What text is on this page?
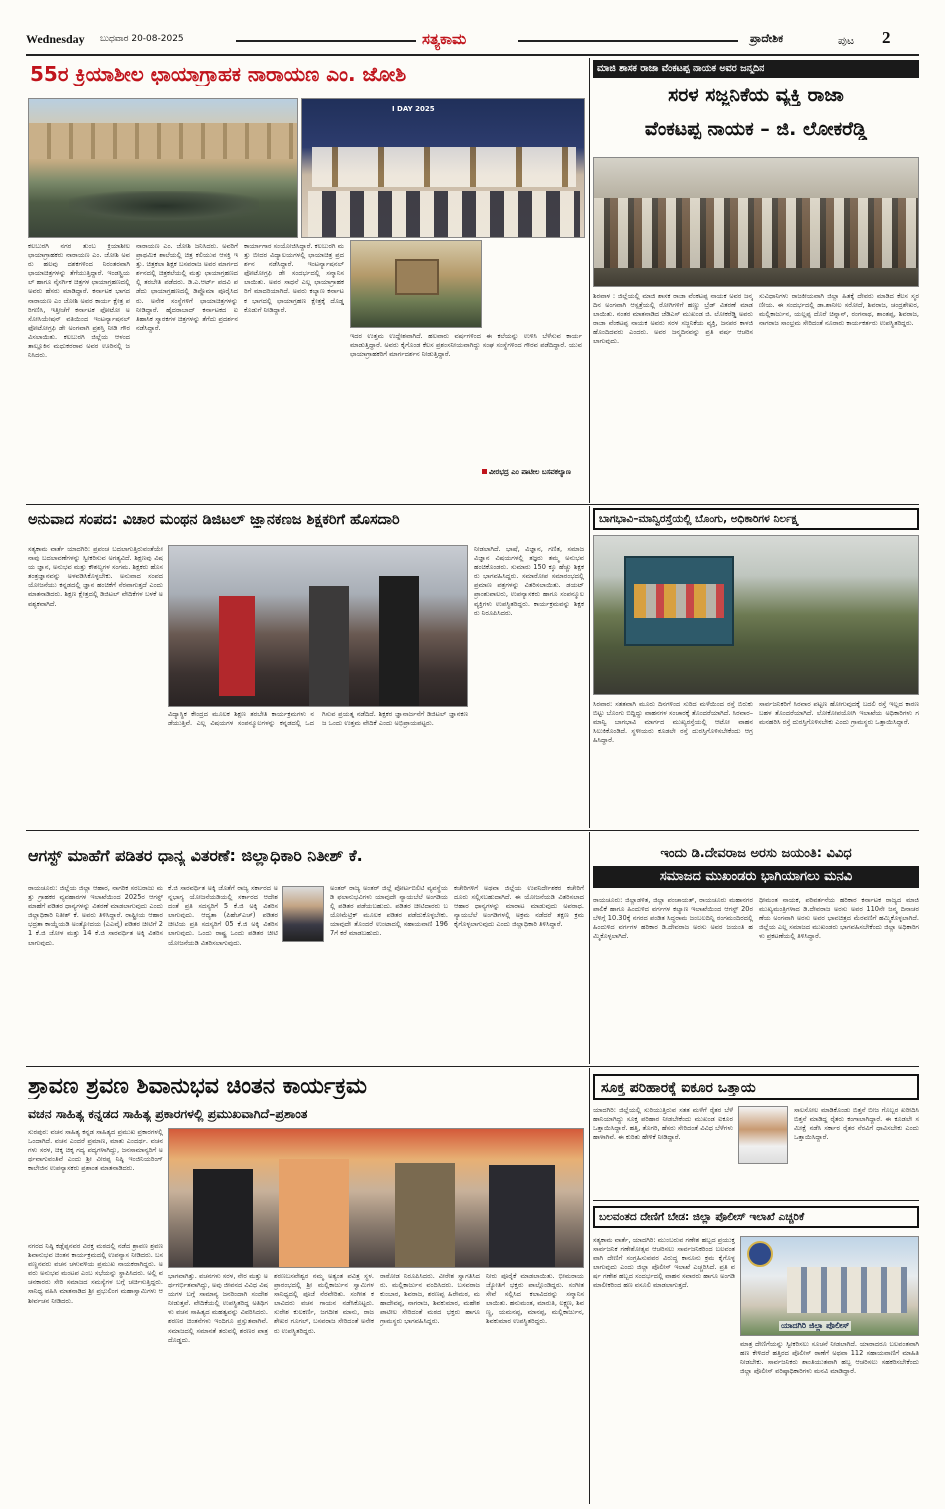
Wednesday ಬುಧವಾರ 20-08-2025	ಸತ್ಯಕಾಮ	ಪ್ರಾದೇಶಿಕ	ಪುಟ 2
55ರ ಕ್ರಿಯಾಶೀಲ ಛಾಯಾಗ್ರಾಹಕ ನಾರಾಯಣ ಎಂ. ಜೋಶಿ
I DAY 2025
ಕಲಬುರಗಿ ನಗರ ತುಂಬ ಕ್ರಿಯಾಶೀಲ ಛಾಯಾಗ್ರಾಹಕರು ನಾರಾಯಣ ಎಂ. ಜೋಶಿ ಅವರು ಹಲವು ದಶಕಗಳಿಂದ ನಿರಂತರವಾಗಿ ಛಾಯಾಚಿತ್ರಗಳನ್ನು ತೆಗೆಯುತ್ತಿದ್ದಾರೆ. ಇಂಡಸ್ಟ್ರಿಯಲ್ ಹಾಗೂ ನೈಸರ್ಗಿಕ ಚಿತ್ರಗಳ ಛಾಯಾಗ್ರಹಣದಲ್ಲಿ ಅವರು ಹೆಸರು ಮಾಡಿದ್ದಾರೆ. ಕರ್ನಾಟಕ ಭಾಗದ ನಾರಾಯಣ ಎಂ ಜೋಶಿ ಅವರ ಕಾರ್ಯ ಕ್ಷೇತ್ರ ಪರಿಗಣಿಸಿ, ಇತ್ತೀಚೆಗೆ ಕರ್ನಾಟಕ ಫೋಟೋ ಅಸೋಸಿಯೇಷನ್ ವತಿಯಿಂದ ಇಂಟರ್ನ್ಯಾಷನಲ್ ಫೋಟೋಗ್ರಫಿ ಡೇ ಅಂಗವಾಗಿ ಪ್ರಶಸ್ತಿ ನೀಡಿ ಗೌರವಿಸಲಾಯಿತು. ಕಲಬುರಗಿ ಜಿಲ್ಲೆಯ ಆಳಂದ ತಾಲ್ಲೂಕಿನ ಮಧುಕರರಾವ ಅವರ ಊರಿನಲ್ಲಿ ಜನಿಸಿದರು.
ನಾರಾಯಣ ಎಂ. ಜೋಶಿ ಜನಿಸಿದರು. ಅವರಿಗೆ ಪ್ರಾಥಮಿಕ ಶಾಲೆಯಲ್ಲಿ ಚಿತ್ರ ಕಲಿಯುವ ಆಸಕ್ತಿ ಇತ್ತು. ಚಿತ್ರಕಲಾ ಶಿಕ್ಷಕ ಬಸವರಾಜ ಅವರ ಮಾರ್ಗದರ್ಶನದಲ್ಲಿ ಚಿತ್ರಕಲೆಯಲ್ಲಿ ಮತ್ತು ಛಾಯಾಗ್ರಹಣದಲ್ಲಿ ತರಬೇತಿ ಪಡೆದರು. ಡಿ.ಎ.ಆರ್ಟ್ ಪದವಿ ಪಡೆದು ಛಾಯಾಗ್ರಹಣದಲ್ಲಿ ಡಿಪ್ಲೊಮಾ ಪೂರೈಸಿದರು. ಅನೇಕ ಸಂಸ್ಥೆಗಳಿಗೆ ಛಾಯಾಚಿತ್ರಗಳನ್ನು ನೀಡಿದ್ದಾರೆ. ಹೈದರಾಬಾದ್ ಕರ್ನಾಟಕದ ಐತಿಹಾಸಿಕ ಸ್ಮಾರಕಗಳ ಚಿತ್ರಗಳನ್ನು ತೆಗೆದು ಪ್ರದರ್ಶನ ನಡೆಸಿದ್ದಾರೆ.
ಕಾರ್ಯಾಗಾರ ಸಂಯೋಜಿಸಿದ್ದಾರೆ. ಕಲಬುರಗಿ ಮತ್ತು ಬೀದರ ವಿದ್ಯಾಲಯಗಳಲ್ಲಿ ಛಾಯಾಚಿತ್ರ ಪ್ರದರ್ಶನ ನಡೆಸಿದ್ದಾರೆ. ಇಂಟರ್ನ್ಯಾಷನಲ್ ಫೋಟೋಗ್ರಫಿ ಡೇ ಸಂದರ್ಭದಲ್ಲಿ ಸನ್ಮಾನಿಸಲಾಯಿತು. ಅವರ ಸಾಧನೆ ಎಲ್ಲ ಛಾಯಾಗ್ರಾಹಕರಿಗೆ ಮಾದರಿಯಾಗಿದೆ. ಅವರು ಕಲ್ಯಾಣ ಕರ್ನಾಟಕ ಭಾಗದಲ್ಲಿ ಛಾಯಾಗ್ರಹಣ ಕ್ಷೇತ್ರಕ್ಕೆ ದೊಡ್ಡ ಕೊಡುಗೆ ನೀಡಿದ್ದಾರೆ.
ಇದರ ಉತ್ತಮ ಉದ್ದೇಶವಾಗಿದೆ. ಹಲವಾರು ವರ್ಷಗಳಿಂದ ಈ ಕಲೆಯನ್ನು ಉಳಿಸಿ ಬೆಳೆಸುವ ಕಾರ್ಯ ಮಾಡುತ್ತಿದ್ದಾರೆ. ಅವರು ಕೈಗೊಂಡ ಕೆಲಸ ಪ್ರಶಂಸನೀಯವಾಗಿದ್ದು ಸಂಘ ಸಂಸ್ಥೆಗಳಿಂದ ಗೌರವ ಪಡೆದಿದ್ದಾರೆ. ಯುವ ಛಾಯಾಗ್ರಾಹಕರಿಗೆ ಮಾರ್ಗದರ್ಶನ ನೀಡುತ್ತಿದ್ದಾರೆ.
ವೀರಭದ್ರ ಎಂ ಪಾಟೀಲ ಬಸವಕಲ್ಯಾಣ
ಮಾಜಿ ಶಾಸಕ ರಾಜಾ ವೆಂಕಟಪ್ಪ ನಾಯಕ ಅವರ ಜನ್ಮದಿನ
ಸರಳ ಸಜ್ಜನಿಕೆಯ ವ್ಯಕ್ತಿ ರಾಜಾ
ವೆಂಕಟಪ್ಪ ನಾಯಕ – ಜಿ. ಲೋಕರೆಡ್ಡಿ
ಶಿರವಾಳ : ಜಿಲ್ಲೆಯಲ್ಲಿ ಮಾಜಿ ಶಾಸಕ ರಾಜಾ ವೆಂಕಟಪ್ಪ ನಾಯಕ ಅವರ ಜನ್ಮದಿನ ಅಂಗವಾಗಿ ಆಸ್ಪತ್ರೆಯಲ್ಲಿ ರೋಗಿಗಳಿಗೆ ಹಣ್ಣು ಬ್ರೆಡ್ ವಿತರಣೆ ಮಾಡಲಾಯಿತು. ನಂತರ ಮಾತನಾಡಿದ ಜೆಡಿಎಸ್ ಮುಖಂಡ ಜಿ. ಲೋಕರೆಡ್ಡಿ ಅವರು ರಾಜಾ ವೆಂಕಟಪ್ಪ ನಾಯಕ ಅವರು ಸರಳ ಸಜ್ಜನಿಕೆಯ ವ್ಯಕ್ತಿ, ಜನಪರ ಕಾಳಜಿ ಹೊಂದಿದವರು ಎಂದರು. ಅವರ ಜನ್ಮದಿನವನ್ನು ಪ್ರತಿ ವರ್ಷ ಆಚರಿಸಲಾಗುವುದು.
ಸುವಿಧಾನಿಗಳು ರಾಜಕೀಯವಾಗಿ ಜಿಲ್ಲಾ ಹಿತಕ್ಕೆ ದೇವರು ಮಾಡಿದ ಕೆಲಸ ಸ್ಮರಣೀಯ. ಈ ಸಂದರ್ಭದಲ್ಲಿ ಡಾ.ಶಾನೀಲ ಸರೋದೆ, ಶಿವರಾಜ, ಚಂದ್ರಶೇಖರ, ಮಲ್ಲಿಕಾರ್ಜುನ, ಯಲ್ಲಪ್ಪ ದೊರೆ ಚಿನ್ನಾನ್, ರಂಗನಾಥ, ಶಾಂತಪ್ಪ, ಶಿವರಾಜ, ನಾಗರಾಜ ಸಾಂಭ್ರಮ ಸೇರಿದಂತೆ ನೂರಾರು ಕಾರ್ಯಕರ್ತರು ಉಪಸ್ಥಿತರಿದ್ದರು.
ಅನುವಾದ ಸಂಪದ: ವಿಚಾರ ಮಂಥನ ಡಿಜಿಟಲ್ ಜ್ಞಾನಕಣಜ ಶಿಕ್ಷಕರಿಗೆ ಹೊಸದಾರಿ
ಸತ್ಯಕಾಮ ವಾರ್ತೆ ಯಾದಗಿರಿ: ಪ್ರಪಂಚ ಬದಲಾಗುತ್ತಿರುವಂತೆಯೇ ನಾವು ಬದಲಾವಣೆಗಳನ್ನು ಸ್ವೀಕರಿಸುವ ಅಗತ್ಯವಿದೆ. ಶಿಕ್ಷಣವು ವಿಷಯ ಜ್ಞಾನ, ಅನುಭವ ಮತ್ತು ಕೌಶಲ್ಯಗಳ ಸಂಗಮ. ಶಿಕ್ಷಕರು ಹೊಸ ತಂತ್ರಜ್ಞಾನವನ್ನು ಅಳವಡಿಸಿಕೊಳ್ಳಬೇಕು. ಅನುವಾದ ಸಂಪದ ಯೋಜನೆಯು ಕನ್ನಡದಲ್ಲಿ ಜ್ಞಾನ ಹಂಚಿಕೆಗೆ ನೆರವಾಗುತ್ತದೆ ಎಂದು ಮಾತನಾಡಿದರು. ಶಿಕ್ಷಣ ಕ್ಷೇತ್ರದಲ್ಲಿ ಡಿಜಿಟಲ್ ವೇದಿಕೆಗಳ ಬಳಕೆ ಅವಶ್ಯಕವಾಗಿದೆ.
ವಿದ್ಯಾಸ್ಥಿಕ ಕೇಂದ್ರದ ಮೂಲಕ ಶಿಕ್ಷಣ ತರಬೇತಿ ಕಾರ್ಯಕ್ರಮಗಳು ನಡೆಯುತ್ತಿವೆ. ಎಲ್ಲ ವಿಷಯಗಳ ಸಂಪನ್ಮೂಲಗಳನ್ನು ಕನ್ನಡದಲ್ಲಿ ಒದಗಿಸುವ ಪ್ರಯತ್ನ ನಡೆದಿದೆ. ಶಿಕ್ಷಕರ ಜ್ಞಾನಾರ್ಜನೆಗೆ ಡಿಜಿಟಲ್ ಜ್ಞಾನಕಣಜ ಒಂದು ಉತ್ತಮ ವೇದಿಕೆ ಎಂದು ಅಭಿಪ್ರಾಯಪಟ್ಟರು.
ನೀಡಲಾಗಿದೆ. ಭಾಷೆ, ವಿಜ್ಞಾನ, ಗಣಿತ, ಸಮಾಜ ವಿಜ್ಞಾನ ವಿಷಯಗಳಲ್ಲಿ ತಜ್ಞರು ತಮ್ಮ ಅನುಭವ ಹಂಚಿಕೊಂಡರು. ಸುಮಾರು 150 ಕ್ಕೂ ಹೆಚ್ಚು ಶಿಕ್ಷಕರು ಭಾಗವಹಿಸಿದ್ದರು. ಸಮಾರೋಪ ಸಮಾರಂಭದಲ್ಲಿ ಪ್ರಮಾಣ ಪತ್ರಗಳನ್ನು ವಿತರಿಸಲಾಯಿತು. ಡಯಟ್ ಪ್ರಾಂಶುಪಾಲರು, ಉಪನ್ಯಾಸಕರು ಹಾಗೂ ಸಂಪನ್ಮೂಲ ವ್ಯಕ್ತಿಗಳು ಉಪಸ್ಥಿತರಿದ್ದರು. ಕಾರ್ಯಕ್ರಮವನ್ನು ಶಿಕ್ಷಕರು ನಿರೂಪಿಸಿದರು.
ಬಾಗಭಾವಿ–ಮಾನ್ವಿರಸ್ತೆಯಲ್ಲಿ ಬೊಂಗು, ಅಧಿಕಾರಿಗಳ ನಿರ್ಲಕ್ಷ್ಯ
ಸಿರವಾರ: ಸತತವಾಗಿ ಮೂರು ದಿನಗಳಿಂದ ಸುರಿದ ಮಳೆಯಿಂದ ರಸ್ತೆ ಬಿರುಕು ಬಿಟ್ಟು ಬೊಂಗು ಬಿದ್ದಿದ್ದು ವಾಹನಗಳ ಸಂಚಾರಕ್ಕೆ ತೊಂದರೆಯಾಗಿದೆ. ಸಿರವಾರ–ಮಾನ್ವಿ ಬಾಗಭಾವಿ ಮಾರ್ಗದ ಮುಖ್ಯರಸ್ತೆಯಲ್ಲಿ ಆಟೋ ವಾಹನ ಸಿಲುಕಿಕೊಂಡಿದೆ. ಸ್ಥಳೀಯರು ಕೂಡಲೇ ರಸ್ತೆ ದುರಸ್ತಿಗೊಳಿಸಬೇಕೆಂದು ಆಗ್ರಹಿಸಿದ್ದಾರೆ.
ಸಾರ್ವಜನಿಕರಿಗೆ ಸಿರವಾರ ಪಟ್ಟಣ ಹೋಗುವುದಕ್ಕೆ ಬದಲಿ ರಸ್ತೆ ಇಲ್ಲದ ಕಾರಣ ಬಹಳ ತೊಂದರೆಯಾಗಿದೆ. ಲೋಕೋಪಯೋಗಿ ಇಲಾಖೆಯ ಅಧಿಕಾರಿಗಳು ಗಮನಹರಿಸಿ ರಸ್ತೆ ದುರಸ್ತಿಗೊಳಿಸಬೇಕು ಎಂದು ಗ್ರಾಮಸ್ಥರು ಒತ್ತಾಯಿಸಿದ್ದಾರೆ.
ಆಗಸ್ಟ್ ಮಾಹೆಗೆ ಪಡಿತರ ಧಾನ್ಯ ವಿತರಣೆ: ಜಿಲ್ಲಾಧಿಕಾರಿ ನಿತೀಶ್ ಕೆ.
ರಾಯಚೂರು: ಜಿಲ್ಲೆಯ ಜಿಲ್ಲಾ ಆಹಾರ, ನಾಗರಿಕ ಸರಬರಾಜು ಮತ್ತು ಗ್ರಾಹಕರ ವ್ಯವಹಾರಗಳ ಇಲಾಖೆಯಿಂದ 2025ರ ಆಗಸ್ಟ್ ಮಾಹೆಗೆ ಪಡಿತರ ಧಾನ್ಯಗಳನ್ನು ವಿತರಣೆ ಮಾಡಲಾಗುವುದು ಎಂದು ಜಿಲ್ಲಾಧಿಕಾರಿ ನಿತೀಶ್ ಕೆ. ಅವರು ತಿಳಿಸಿದ್ದಾರೆ. ರಾಷ್ಟ್ರೀಯ ಆಹಾರ ಭದ್ರತಾ ಕಾಯ್ದೆಯಡಿ ಅಂತ್ಯೋದಯ (ಎಎವೈ) ಪಡಿತರ ಚೀಟಿಗೆ 21 ಕೆ.ಜಿ ಜೋಳ ಮತ್ತು 14 ಕೆ.ಜಿ ಸಾರವರ್ಧಿತ ಅಕ್ಕಿ ವಿತರಿಸಲಾಗುವುದು.
ಕೆ.ಜಿ ಸಾರವರ್ಧಿತ ಅಕ್ಕಿ ಜೊತೆಗೆ ರಾಜ್ಯ ಸರ್ಕಾರದ ಅನ್ನಭಾಗ್ಯ ಯೋಜನೆಯಡಿಯಲ್ಲಿ ಸರ್ಕಾರದ ಆದೇಶದಂತೆ ಪ್ರತಿ ಸದಸ್ಯರಿಗೆ 5 ಕೆ.ಜಿ ಅಕ್ಕಿ ವಿತರಿಸಲಾಗುವುದು. ಆದ್ಯತಾ (ಪಿಹೆಚ್ಎಚ್) ಪಡಿತರ ಚೀಟಿಯ ಪ್ರತಿ ಸದಸ್ಯರಿಗೆ 05 ಕೆ.ಜಿ ಅಕ್ಕಿ ವಿತರಿಸಲಾಗುವುದು. ಒಂದು ರಾಷ್ಟ್ರ ಒಂದು ಪಡಿತರ ಚೀಟಿ ಯೋಜನೆಯಡಿ ವಿತರಿಸಲಾಗುವುದು.
ಅಂತರ್ ರಾಜ್ಯ ಅಂತರ್ ಜಿಲ್ಲೆ ಪೋರ್ಟಬಿಲಿಟಿ ವ್ಯವಸ್ಥೆಯಡಿ ಫಲಾನುಭವಿಗಳು ಯಾವುದೇ ನ್ಯಾಯಬೆಲೆ ಅಂಗಡಿಯಲ್ಲಿ ಪಡಿತರ ಪಡೆಯಬಹುದು. ಪಡಿತರ ಚೀಟಿದಾರರು ಬಯೋಮೆಟ್ರಿಕ್ ಮೂಲಕ ಪಡಿತರ ಪಡೆದುಕೊಳ್ಳಬೇಕು. ಯಾವುದೇ ತೊಂದರೆ ಉಂಟಾದಲ್ಲಿ ಸಹಾಯವಾಣಿ 1967ಗೆ ಕರೆ ಮಾಡಬಹುದು.
ಕಚೇರಿಗಳಿಗೆ ಅಥವಾ ಜಿಲ್ಲೆಯ ಉಪನಿರ್ದೇಶಕರ ಕಚೇರಿಗೆ ದೂರು ಸಲ್ಲಿಸಬಹುದಾಗಿದೆ. ಈ ಯೋಜನೆಯಡಿ ವಿತರಿಸಲಾದ ಆಹಾರ ಧಾನ್ಯಗಳನ್ನು ಮಾರಾಟ ಮಾಡುವುದು ಅಪರಾಧ. ನ್ಯಾಯಬೆಲೆ ಅಂಗಡಿಗಳಲ್ಲಿ ಅಕ್ರಮ ನಡೆದರೆ ತಕ್ಷಣ ಕ್ರಮ ಕೈಗೊಳ್ಳಲಾಗುವುದು ಎಂದು ಜಿಲ್ಲಾಧಿಕಾರಿ ತಿಳಿಸಿದ್ದಾರೆ.
ಇಂದು ಡಿ.ದೇವರಾಜ ಅರಸು ಜಯಂತಿ: ವಿವಿಧ
ಸಮಾಜದ ಮುಖಂಡರು ಭಾಗಿಯಾಗಲು ಮನವಿ
ರಾಯಚೂರು: ಜಿಲ್ಲಾಡಳಿತ, ಜಿಲ್ಲಾ ಪಂಚಾಯತ್, ರಾಯಚೂರು ಮಹಾನಗರ ಪಾಲಿಕೆ ಹಾಗೂ ಹಿಂದುಳಿದ ವರ್ಗಗಳ ಕಲ್ಯಾಣ ಇಲಾಖೆಯಿಂದ ಆಗಸ್ಟ್ 20ರ ಬೆಳಿಗ್ಗೆ 10.30ಕ್ಕೆ ನಗರದ ಪಂಡಿತ ಸಿದ್ಧರಾಮ ಜಂಬಲದಿನ್ನಿ ರಂಗಮಂದಿರದಲ್ಲಿ ಹಿಂದುಳಿದ ವರ್ಗಗಳ ಹರಿಕಾರ ಡಿ.ದೇವರಾಜ ಅರಸು ಅವರ ಜಯಂತಿ ಹಮ್ಮಿಕೊಳ್ಳಲಾಗಿದೆ.
ಧೀಮಂತ ನಾಯಕ, ಪರಿವರ್ತನೆಯ ಹರಿಕಾರ ಕರ್ನಾಟಕ ರಾಜ್ಯದ ಮಾಜಿ ಮುಖ್ಯಮಂತ್ರಿಗಳಾದ ಡಿ.ದೇವರಾಜ ಅರಸು ಅವರ 110ನೇ ಜನ್ಮ ದಿನಾಚರಣೆಯ ಅಂಗವಾಗಿ ಅರಸು ಅವರ ಭಾವಚಿತ್ರದ ಮೆರವಣಿಗೆ ಹಮ್ಮಿಕೊಳ್ಳಲಾಗಿದೆ. ಜಿಲ್ಲೆಯ ಎಲ್ಲ ಸಮಾಜದ ಮುಖಂಡರು ಭಾಗವಹಿಸಬೇಕೆಂದು ಜಿಲ್ಲಾ ಅಧಿಕಾರಿಗಳು ಪ್ರಕಟಣೆಯಲ್ಲಿ ತಿಳಿಸಿದ್ದಾರೆ.
ಶ್ರಾವಣ ಶ್ರವಣ ಶಿವಾನುಭವ ಚಿಂತನ ಕಾರ್ಯಕ್ರಮ
ವಚನ ಸಾಹಿತ್ಯ ಕನ್ನಡದ ಸಾಹಿತ್ಯ ಪ್ರಕಾರಗಳಲ್ಲಿ ಪ್ರಮುಖವಾಗಿದೆ–ಪ್ರಶಾಂತ
ಸುರಪುರ: ವಚನ ಸಾಹಿತ್ಯ ಕನ್ನಡ ಸಾಹಿತ್ಯದ ಪ್ರಮುಖ ಪ್ರಕಾರಗಳಲ್ಲಿ ಒಂದಾಗಿದೆ. ವಚನ ಎಂದರೆ ಪ್ರಮಾಣ, ಮಾತು ಎಂದರ್ಥ. ವಚನಗಳು ಸರಳ, ಚಿಕ್ಕ ಚಿಕ್ಕ ಗದ್ಯ ಪದ್ಯಗಳಾಗಿದ್ದು, ಜನಸಾಮಾನ್ಯರಿಗೆ ಅರ್ಥವಾಗುವಂತಿವೆ ಎಂದು ಶ್ರೀ ವೀರಪ್ಪ ನಿಷ್ಠಿ ಇಂಜಿನಿಯರಿಂಗ್ ಕಾಲೇಜಿನ ಉಪನ್ಯಾಸಕರು ಪ್ರಶಾಂತ ಮಾತನಾಡಿದರು.
ನಗರದ ನಿಷ್ಠಿ ಕಡ್ಲೆಪ್ಪನವರ ವಿರಕ್ತ ಮಠದಲ್ಲಿ ನಡೆದ ಶ್ರಾವಣ ಶ್ರವಣ ಶಿವಾನುಭವ ಚಿಂತನ ಕಾರ್ಯಕ್ರಮದಲ್ಲಿ ಉಪನ್ಯಾಸ ನೀಡಿದರು. ಬಸವಣ್ಣನವರು ವಚನ ಚಳುವಳಿಯ ಪ್ರಮುಖ ನಾಯಕರಾಗಿದ್ದರು. ಅವರು ಅನುಭವ ಮಂಟಪ ಎಂಬ ಸಭೆಯನ್ನು ಸ್ಥಾಪಿಸಿದರು. ಅಲ್ಲಿ ವಚನಕಾರರು ಸೇರಿ ಸಮಾಜದ ಸಮಸ್ಯೆಗಳ ಬಗ್ಗೆ ಚರ್ಚಿಸುತ್ತಿದ್ದರು. ಸಾನಿಧ್ಯ ವಹಿಸಿ ಮಾತನಾಡಿದ ಶ್ರೀ ಪ್ರಭುಲಿಂಗ ಮಹಾಸ್ವಾಮಿಗಳು ಆಶೀರ್ವಚನ ನೀಡಿದರು.
ಭಾಗವಾಗಿತ್ತು. ವಚನಗಳು ಸರಳ, ನೇರ ಮತ್ತು ಅರ್ಥಗರ್ಭಿತವಾಗಿದ್ದು, ಅವು ಜೀವನದ ವಿವಿಧ ವಿಷಯಗಳ ಬಗ್ಗೆ ಸಾಮಾನ್ಯ ಜನರಿಂದಾಗಿ ಸಂದೇಶ ನೀಡುತ್ತವೆ. ವೇದಿಕೆಯಲ್ಲಿ ಉಪಸ್ಥಿತರಿದ್ದ ಅತಿಥಿಗಳು ವಚನ ಸಾಹಿತ್ಯದ ಮಹತ್ವವನ್ನು ವಿವರಿಸಿದರು. ಶರಣರ ಚಿಂತನೆಗಳು ಇಂದಿಗೂ ಪ್ರಸ್ತುತವಾಗಿವೆ. ಸಮಾಜದಲ್ಲಿ ಸಮಾನತೆ ತರುವಲ್ಲಿ ಶರಣರ ಪಾತ್ರ ದೊಡ್ಡದು.
ಶರಣಬಸವೇಶ್ವರ ನಮ್ಮ ಅತ್ಯಂತ ಪವಿತ್ರ ಸ್ಥಳ. ಪ್ರಾರಂಭದಲ್ಲಿ ಶ್ರೀ ಮಲ್ಲಿಕಾರ್ಜುನ ಸ್ವಾಮಿಗಳ ಸಾನಿಧ್ಯದಲ್ಲಿ ಪೂಜೆ ನೆರವೇರಿತು. ಸಂಗೀತ ಕಲಾವಿದರು ವಚನ ಗಾಯನ ನಡೆಸಿಕೊಟ್ಟರು. ಸುರೇಶ ಕುಲಕರ್ಣಿ, ಜಗದೀಶ ಮಾನು, ರಾಜಶೇಖರ ಗೂಗಲ್, ಬಸವರಾಜ ಸೇರಿದಂತೆ ಅನೇಕರು ಉಪಸ್ಥಿತರಿದ್ದರು.
ರಾಠೋಡ ನಿರೂಪಿಸಿದರು. ವೀರೇಶ ಸ್ವಾಗತಿಸಿದರು. ಮಲ್ಲಿಕಾರ್ಜುನ ವಂದಿಸಿದರು. ಬಸವರಾಜ ಕುಂಬಾರ, ಶಿವರಾಜ, ಶರಣಪ್ಪ ಹಿರೇಮಠ, ಮಹಾದೇವಪ್ಪ, ನಾಗರಾಜ, ಶಿವಕುಮಾರ, ಮಹೇಶ ಪಾಟೀಲ ಸೇರಿದಂತೆ ಮಠದ ಭಕ್ತರು ಹಾಗೂ ಗ್ರಾಮಸ್ಥರು ಭಾಗವಹಿಸಿದ್ದರು.
ನೀರು ಪೂರೈಕೆ ಮಾಡಲಾಯಿತು. ಭೀಮರಾಯ ಜ್ಯೋತಿಗೆ ಭಕ್ತರು ಪಾಲ್ಗೊಂಡಿದ್ದರು. ಸಂಗೀತ ಸೇವೆ ಸಲ್ಲಿಸಿದ ಕಲಾವಿದರನ್ನು ಸನ್ಮಾನಿಸಲಾಯಿತು. ಹನುಮಂತ, ಮಾರುತಿ, ಲಕ್ಷ್ಮಣ, ಶಿವಣ್ಣ, ಯಮನಪ್ಪ, ಮಾನಪ್ಪ, ಮಲ್ಲಿಕಾರ್ಜುನ, ಶಿವಕುಮಾರ ಉಪಸ್ಥಿತರಿದ್ದರು.
ಸೂಕ್ತ ಪರಿಹಾರಕ್ಕೆ ಐಕೂರ ಒತ್ತಾಯ
ಯಾದಗಿರಿ: ಜಿಲ್ಲೆಯಲ್ಲಿ ಸುರಿಯುತ್ತಿರುವ ಸತತ ಮಳೆಗೆ ರೈತರ ಬೆಳೆ ಹಾನಿಯಾಗಿದ್ದು ಸೂಕ್ತ ಪರಿಹಾರ ನೀಡಬೇಕೆಂದು ಮುಖಂಡ ಐಕೂರ ಒತ್ತಾಯಿಸಿದ್ದಾರೆ. ಹತ್ತಿ, ತೊಗರಿ, ಹೆಸರು ಸೇರಿದಂತೆ ವಿವಿಧ ಬೆಳೆಗಳು ಹಾಳಾಗಿವೆ. ಈ ಕುರಿತು ಹೇಳಿಕೆ ನೀಡಿದ್ದಾರೆ.
ಸಾಲಸೋಲ ಮಾಡಿಕೊಂಡು ಬಿತ್ತನೆ ಬೀಜ ಗೊಬ್ಬರ ಖರೀದಿಸಿ ಬಿತ್ತನೆ ಮಾಡಿದ್ದ ರೈತರು ಕಂಗಾಲಾಗಿದ್ದಾರೆ. ಈ ಕೂಡಲೇ ಸಮೀಕ್ಷೆ ನಡೆಸಿ ಸರ್ಕಾರ ರೈತರ ನೆರವಿಗೆ ಧಾವಿಸಬೇಕು ಎಂದು ಒತ್ತಾಯಿಸಿದ್ದಾರೆ.
ಬಲವಂತದ ದೇಣಿಗೆ ಬೇಡ: ಜಿಲ್ಲಾ ಪೊಲೀಸ್ ಇಲಾಖೆ ಎಚ್ಚರಿಕೆ
ಸತ್ಯಕಾಮ ವಾರ್ತೆ, ಯಾದಗಿರಿ: ಮುಂಬರುವ ಗಣೇಶ ಹಬ್ಬದ ಪ್ರಯುಕ್ತ ಸಾರ್ವಜನಿಕ ಗಣೇಶೋತ್ಸವ ಆಚರಿಸಲು ಸಾರ್ವಜನಿಕರಿಂದ ಬಲವಂತವಾಗಿ ದೇಣಿಗೆ ಸಂಗ್ರಹಿಸುವವರ ವಿರುದ್ಧ ಕಾನೂನು ಕ್ರಮ ಕೈಗೊಳ್ಳಲಾಗುವುದು ಎಂದು ಜಿಲ್ಲಾ ಪೊಲೀಸ್ ಇಲಾಖೆ ಎಚ್ಚರಿಸಿದೆ. ಪ್ರತಿ ವರ್ಷ ಗಣೇಶ ಹಬ್ಬದ ಸಂದರ್ಭದಲ್ಲಿ ವಾಹನ ಸವಾರರು ಹಾಗೂ ಅಂಗಡಿ ಮಾಲೀಕರಿಂದ ಹಣ ವಸೂಲಿ ಮಾಡಲಾಗುತ್ತದೆ.
ಯಾದಗಿರಿ ಜಿಲ್ಲಾ ಪೊಲೀಸ್
ಮಾತ್ರ ದೇಣಿಗೆಯನ್ನು ಸ್ವೀಕರಿಸಲು ಸೂಚನೆ ನೀಡಲಾಗಿದೆ. ಯಾರಾದರೂ ಬಲವಂತವಾಗಿ ಹಣ ಕೇಳಿದರೆ ಹತ್ತಿರದ ಪೊಲೀಸ್ ಠಾಣೆಗೆ ಅಥವಾ 112 ಸಹಾಯವಾಣಿಗೆ ಮಾಹಿತಿ ನೀಡಬೇಕು. ಸಾರ್ವಜನಿಕರು ಶಾಂತಿಯುತವಾಗಿ ಹಬ್ಬ ಆಚರಿಸಲು ಸಹಕರಿಸಬೇಕೆಂದು ಜಿಲ್ಲಾ ಪೊಲೀಸ್ ವರಿಷ್ಠಾಧಿಕಾರಿಗಳು ಮನವಿ ಮಾಡಿದ್ದಾರೆ.
